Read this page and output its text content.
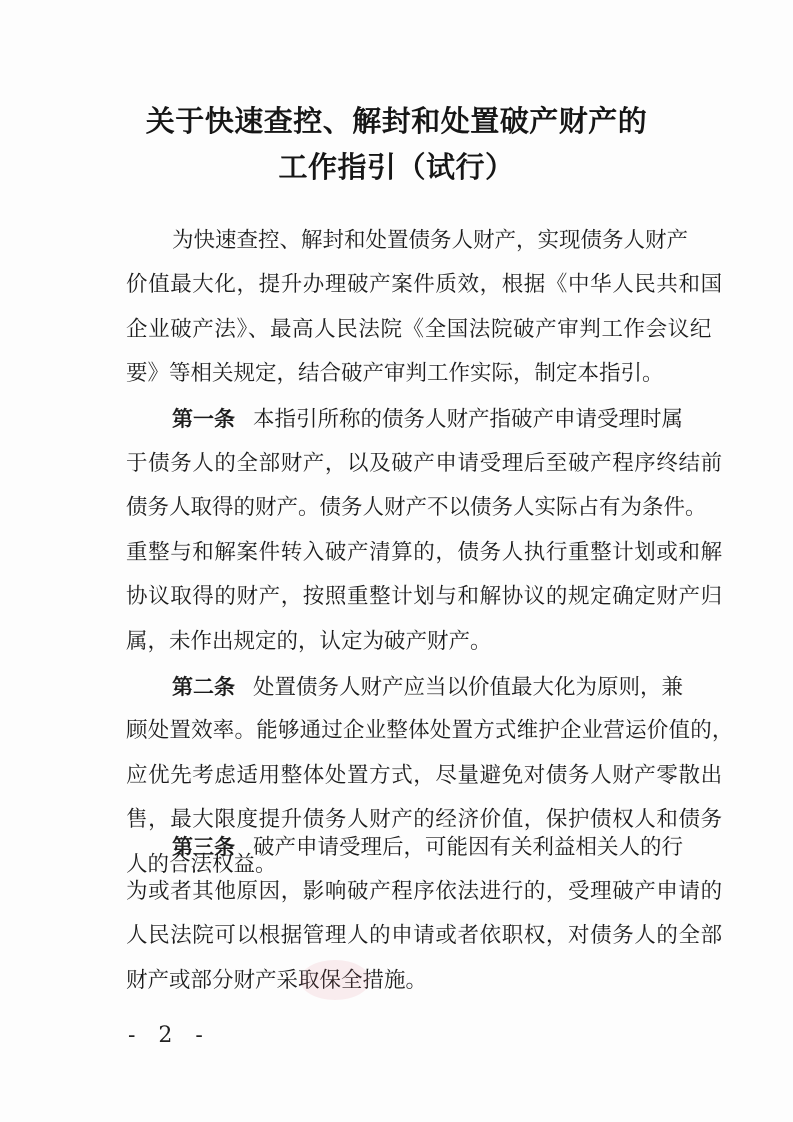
关于快速查控、解封和处置破产财产的
工作指引（试行）
为快速查控、解封和处置债务人财产，实现债务人财产
价值最大化，提升办理破产案件质效，根据《中华人民共和国
企业破产法》、最高人民法院《全国法院破产审判工作会议纪
要》等相关规定，结合破产审判工作实际，制定本指引。
第一条 本指引所称的债务人财产指破产申请受理时属
于债务人的全部财产，以及破产申请受理后至破产程序终结前
债务人取得的财产。债务人财产不以债务人实际占有为条件。
重整与和解案件转入破产清算的，债务人执行重整计划或和解
协议取得的财产，按照重整计划与和解协议的规定确定财产归
属，未作出规定的，认定为破产财产。
第二条 处置债务人财产应当以价值最大化为原则，兼
顾处置效率。能够通过企业整体处置方式维护企业营运价值的，
应优先考虑适用整体处置方式，尽量避免对债务人财产零散出
售，最大限度提升债务人财产的经济价值，保护债权人和债务
人的合法权益。
第三条 破产申请受理后，可能因有关利益相关人的行
为或者其他原因，影响破产程序依法进行的，受理破产申请的
人民法院可以根据管理人的申请或者依职权，对债务人的全部
财产或部分财产采取保全措施。
- 2 -
